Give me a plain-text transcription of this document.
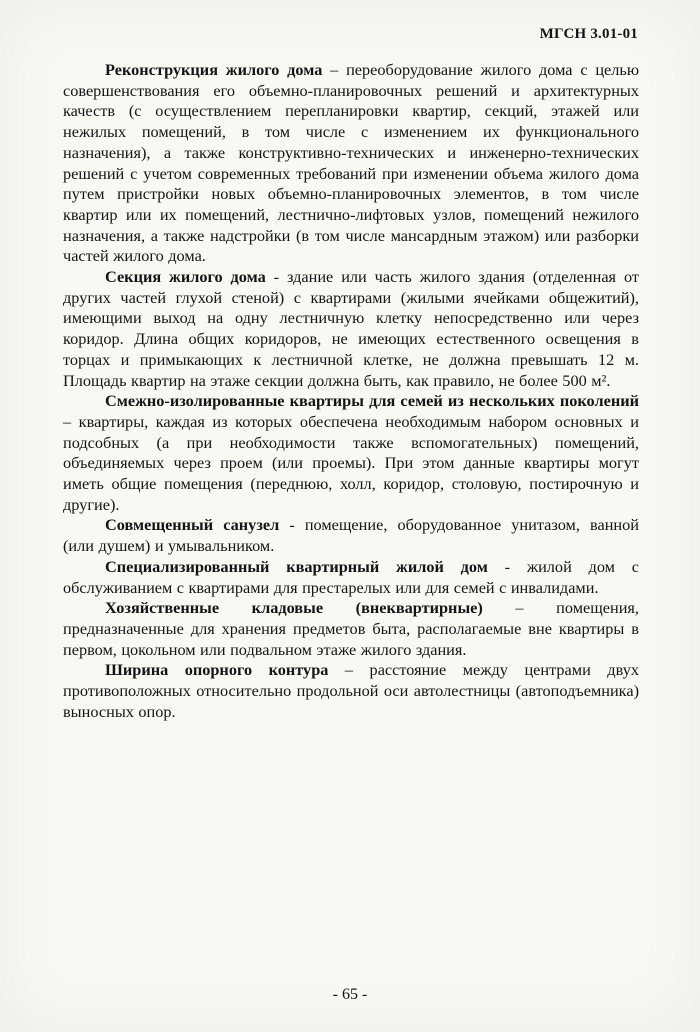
МГСН 3.01-01

Реконструкция жилого дома – переоборудование жилого дома с целью совершенствования его объемно-планировочных решений и архитектурных качеств (с осуществлением перепланировки квартир, секций, этажей или нежилых помещений, в том числе с изменением их функционального назначения), а также конструктивно-технических и инженерно-технических решений с учетом современных требований при изменении объема жилого дома путем пристройки новых объемно-планировочных элементов, в том числе квартир или их помещений, лестнично-лифтовых узлов, помещений нежилого назначения, а также надстройки (в том числе мансардным этажом) или разборки частей жилого дома.

Секция жилого дома - здание или часть жилого здания (отделенная от других частей глухой стеной) с квартирами (жилыми ячейками общежитий), имеющими выход на одну лестничную клетку непосредственно или через коридор. Длина общих коридоров, не имеющих естественного освещения в торцах и примыкающих к лестничной клетке, не должна превышать 12 м. Площадь квартир на этаже секции должна быть, как правило, не более 500 м².

Смежно-изолированные квартиры для семей из нескольких поколений – квартиры, каждая из которых обеспечена необходимым набором основных и подсобных (а при необходимости также вспомогательных) помещений, объединяемых через проем (или проемы). При этом данные квартиры могут иметь общие помещения (переднюю, холл, коридор, столовую, постирочную и другие).

Совмещенный санузел - помещение, оборудованное унитазом, ванной (или душем) и умывальником.

Специализированный квартирный жилой дом - жилой дом с обслуживанием с квартирами для престарелых или для семей с инвалидами.

Хозяйственные кладовые (внеквартирные) – помещения, предназначенные для хранения предметов быта, располагаемые вне квартиры в первом, цокольном или подвальном этаже жилого здания.

Ширина опорного контура – расстояние между центрами двух противоположных относительно продольной оси автолестницы (автоподъемника) выносных опор.

- 65 -
